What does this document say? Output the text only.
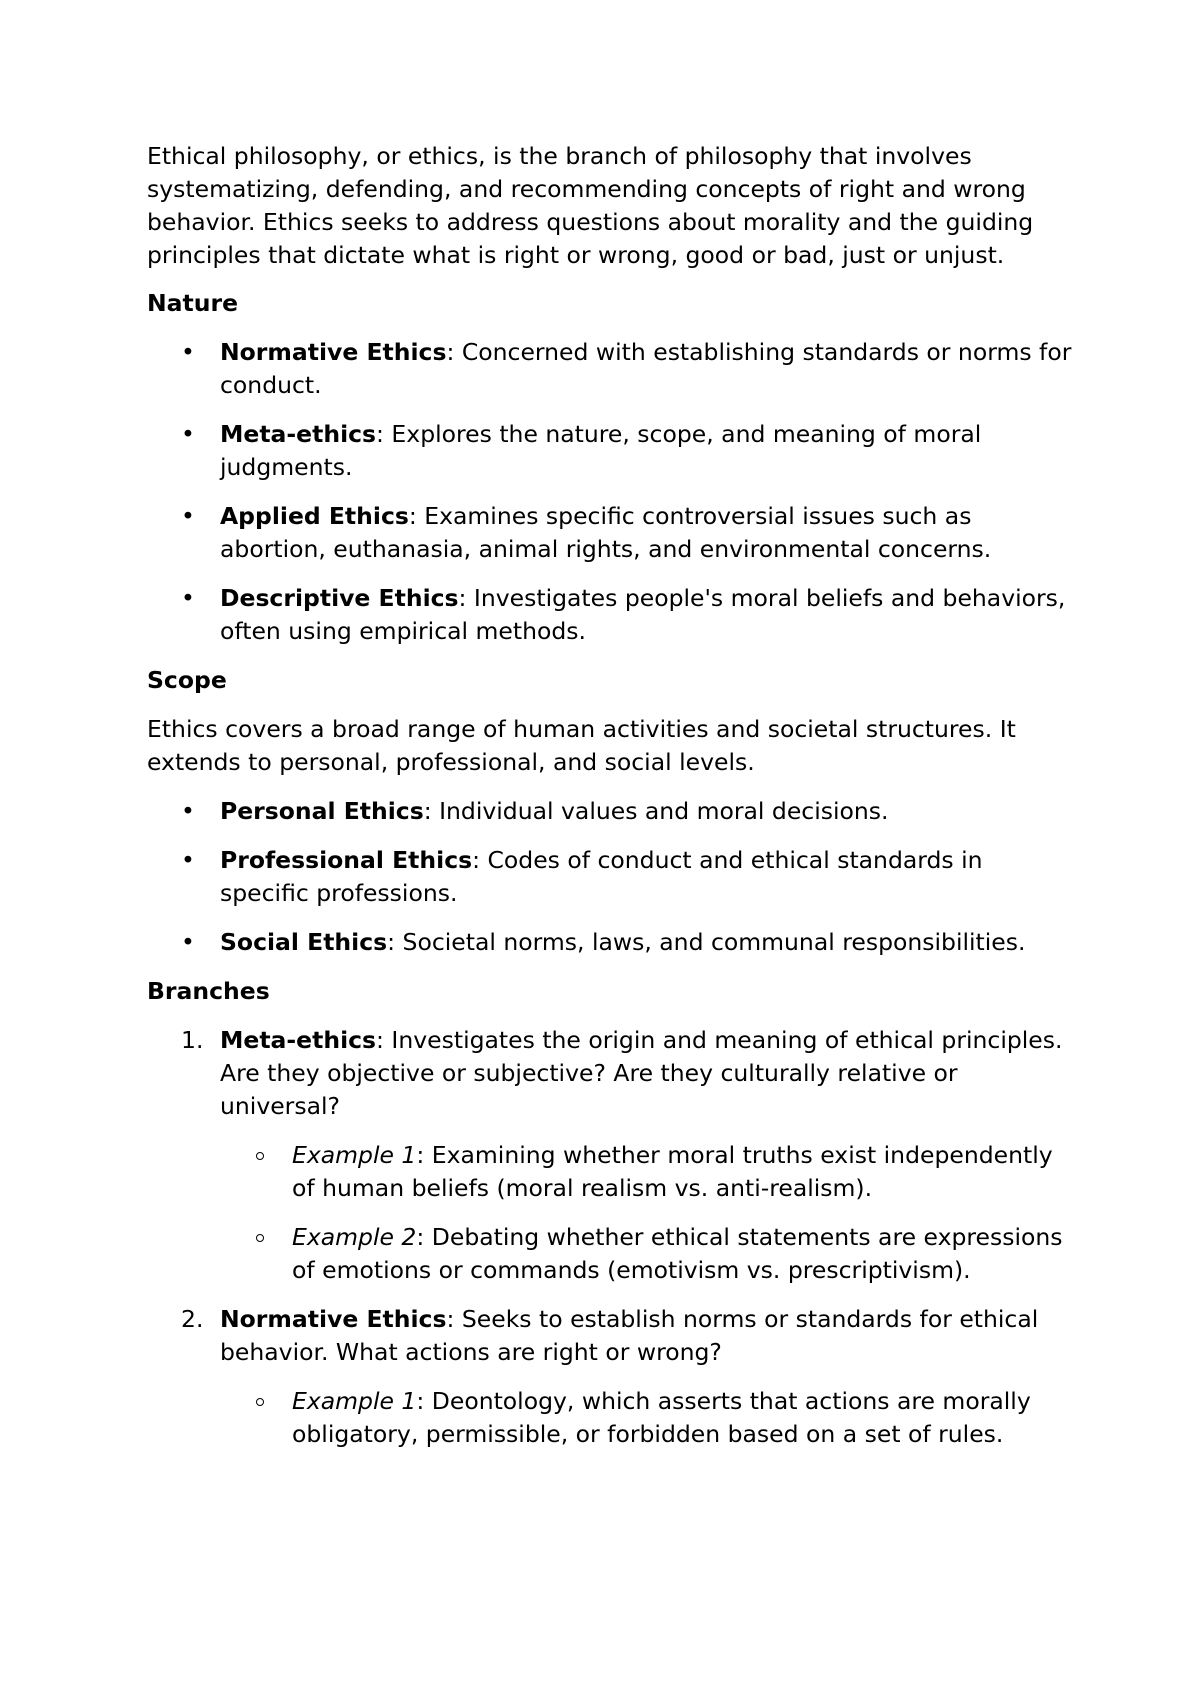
Ethical philosophy, or ethics, is the branch of philosophy that involves systematizing, defending, and recommending concepts of right and wrong behavior. Ethics seeks to address questions about morality and the guiding principles that dictate what is right or wrong, good or bad, just or unjust.

Nature
• Normative Ethics: Concerned with establishing standards or norms for conduct.
• Meta-ethics: Explores the nature, scope, and meaning of moral judgments.
• Applied Ethics: Examines specific controversial issues such as abortion, euthanasia, animal rights, and environmental concerns.
• Descriptive Ethics: Investigates people's moral beliefs and behaviors, often using empirical methods.
Scope

Ethics covers a broad range of human activities and societal structures. It extends to personal, professional, and social levels.

• Personal Ethics: Individual values and moral decisions.
• Professional Ethics: Codes of conduct and ethical standards in specific professions.
• Social Ethics: Societal norms, laws, and communal responsibilities.
Branches
1. Meta-ethics: Investigates the origin and meaning of ethical principles. Are they objective or subjective? Are they culturally relative or universal?
Example 1: Examining whether moral truths exist independently of human beliefs (moral realism vs. anti-realism).
Example 2: Debating whether ethical statements are expressions of emotions or commands (emotivism vs. prescriptivism).
2. Normative Ethics: Seeks to establish norms or standards for ethical behavior. What actions are right or wrong?
Example 1: Deontology, which asserts that actions are morally obligatory, permissible, or forbidden based on a set of rules.
